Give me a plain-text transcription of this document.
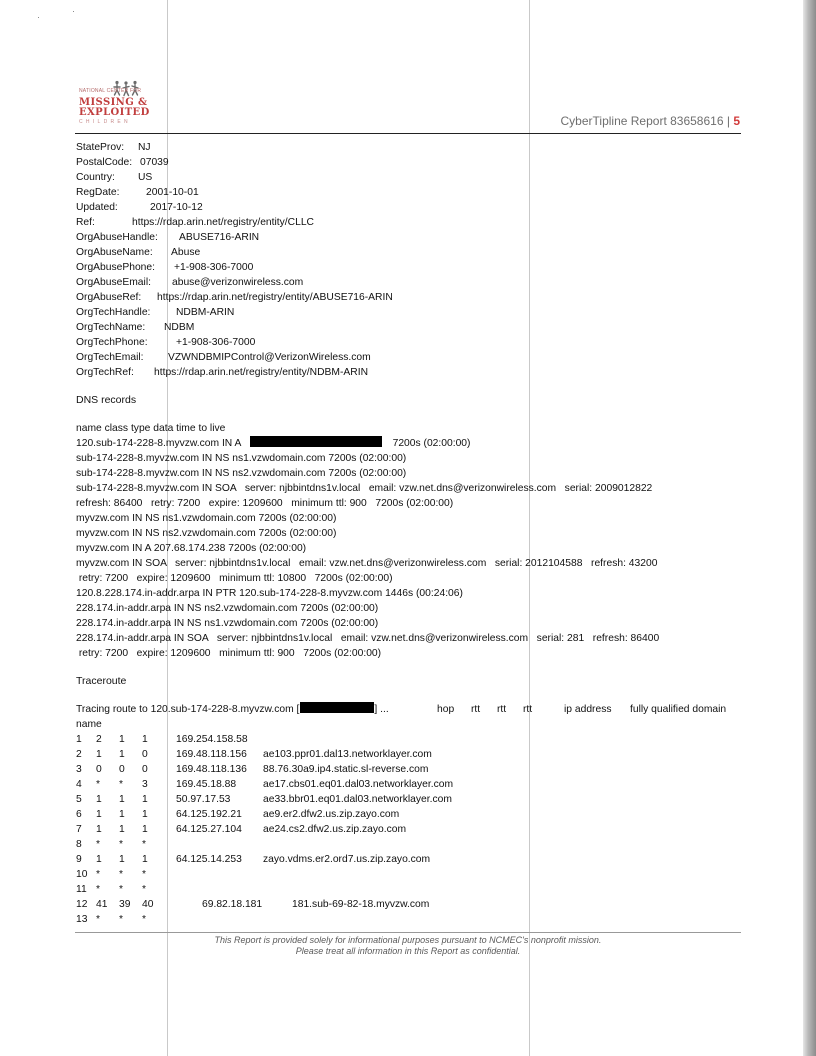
·
·
NATIONAL CENTER FOR
MISSING &
EXPLOITED
CHILDREN	CyberTipline Report 83658616 | 5
StateProv: NJ
PostalCode: 07039
Country: US
RegDate:	2001-10-01
Updated:	2017-10-12
Ref:	https://rdap.arin.net/registry/entity/CLLC
OrgAbuseHandle: ABUSE716-ARIN
OrgAbuseName: Abuse
OrgAbusePhone: +1-908-306-7000
OrgAbuseEmail: abuse@verizonwireless.com
OrgAbuseRef: https://rdap.arin.net/registry/entity/ABUSE716-ARIN
OrgTechHandle: NDBM-ARIN
OrgTechName: NDBM
OrgTechPhone:	+1-908-306-7000
OrgTechEmail: VZWNDBMIPControl@VerizonWireless.com
OrgTechRef: https://rdap.arin.net/registry/entity/NDBM-ARIN
DNS records
name class type data time to live
120.sub-174-228-8.myvzw.com IN A	7200s (02:00:00)
sub-174-228-8.myvzw.com IN NS ns1.vzwdomain.com 7200s (02:00:00)
sub-174-228-8.myvzw.com IN NS ns2.vzwdomain.com 7200s (02:00:00)
sub-174-228-8.myvzw.com IN SOA   server: njbbintdns1v.local   email: vzw.net.dns@verizonwireless.com   serial: 2009012822
refresh: 86400   retry: 7200   expire: 1209600   minimum ttl: 900   7200s (02:00:00)
myvzw.com IN NS ns1.vzwdomain.com 7200s (02:00:00)
myvzw.com IN NS ns2.vzwdomain.com 7200s (02:00:00)
myvzw.com IN A 207.68.174.238 7200s (02:00:00)
myvzw.com IN SOA   server: njbbintdns1v.local   email: vzw.net.dns@verizonwireless.com   serial: 2012104588   refresh: 43200
retry: 7200   expire: 1209600   minimum ttl: 10800   7200s (02:00:00)
120.8.228.174.in-addr.arpa IN PTR 120.sub-174-228-8.myvzw.com 1446s (00:24:06)
228.174.in-addr.arpa IN NS ns2.vzwdomain.com 7200s (02:00:00)
228.174.in-addr.arpa IN NS ns1.vzwdomain.com 7200s (02:00:00)
228.174.in-addr.arpa IN SOA   server: njbbintdns1v.local   email: vzw.net.dns@verizonwireless.com   serial: 281   refresh: 86400
retry: 7200   expire: 1209600   minimum ttl: 900   7200s (02:00:00)
Traceroute
Tracing route to 120.sub-174-228-8.myvzw.com [	] ...	hop rtt rtt rtt	ip address fully qualified domain
name
1 2 1 1	169.254.158.58
2 1 1 0	169.48.118.156 ae103.ppr01.dal13.networklayer.com
3 0 0 0	169.48.118.136 88.76.30a9.ip4.static.sl-reverse.com
4 * * 3	169.45.18.88	ae17.cbs01.eq01.dal03.networklayer.com
5 1 1 1	50.97.17.53	ae33.bbr01.eq01.dal03.networklayer.com
6 1 1 1	64.125.192.21 ae9.er2.dfw2.us.zip.zayo.com
7 1 1 1	64.125.27.104 ae24.cs2.dfw2.us.zip.zayo.com
8 * * *
9 1 1 1	64.125.14.253 zayo.vdms.er2.ord7.us.zip.zayo.com
10 * * *
11 * * *
12 41 39 40	69.82.18.181	181.sub-69-82-18.myvzw.com
13 * * *
This Report is provided solely for informational purposes pursuant to NCMEC's nonprofit mission.
Please treat all information in this Report as confidential.
